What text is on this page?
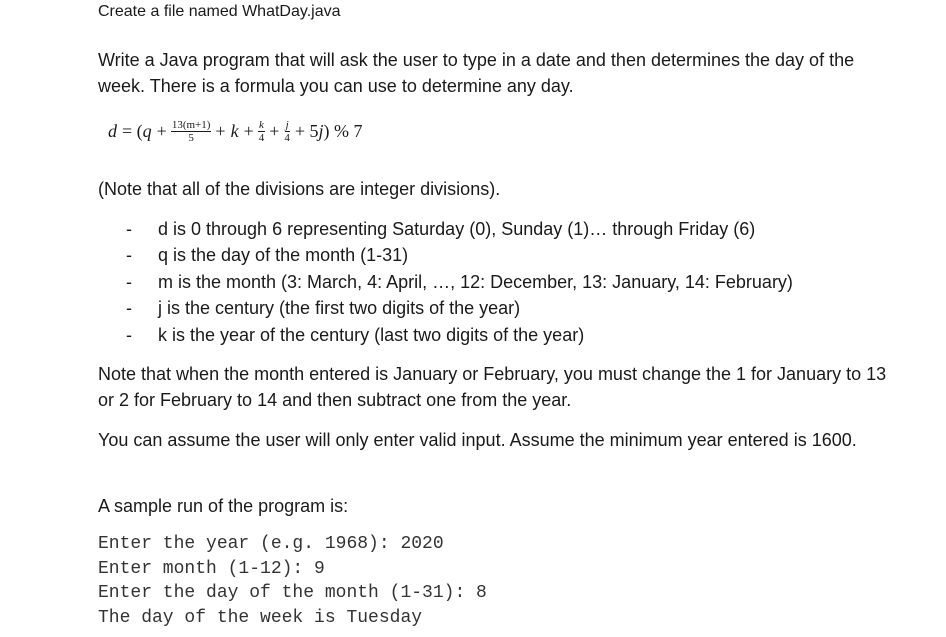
Create a file named WhatDay.java
Write a Java program that will ask the user to type in a date and then determines the day of the week. There is a formula you can use to determine any day.
d = ( $q + \frac{13(m+1)}{5} + k + \frac{k}{4} + \frac{j}{4} + 5$ j ) % 7
(Note that all of the divisions are integer divisions).
- d is 0 through 6 representing Saturday (0), Sunday (1)… through Friday (6)
- q is the day of the month (1-31)
- m is the month (3: March, 4: April, …, 12: December, 13: January, 14: February)
- j is the century (the first two digits of the year)
- k is the year of the century (last two digits of the year)
Note that when the month entered is January or February, you must change the 1 for January to 13 or 2 for February to 14 and then subtract one from the year.
You can assume the user will only enter valid input. Assume the minimum year entered is 1600.
A sample run of the program is:
Enter the year (e.g. 1968): 2020
Enter month (1-12): 9
Enter the day of the month (1-31): 8
The day of the week is Tuesday
